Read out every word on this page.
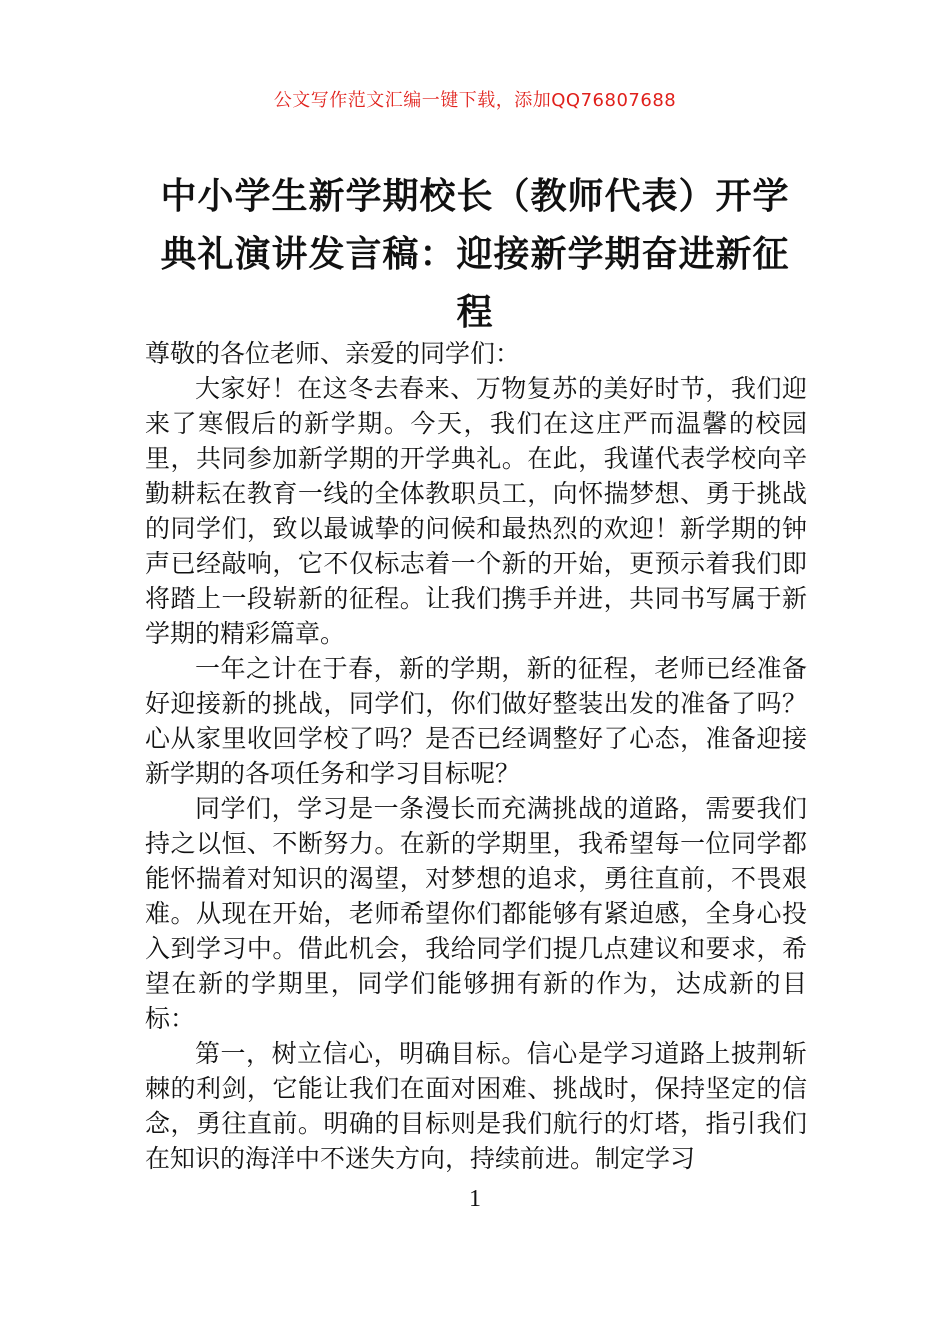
公文写作范文汇编一键下载，添加QQ76807688
中小学生新学期校长（教师代表）开学典礼演讲发言稿：迎接新学期奋进新征程

尊敬的各位老师、亲爱的同学们：

大家好！在这冬去春来、万物复苏的美好时节，我们迎来了寒假后的新学期。今天，我们在这庄严而温馨的校园里，共同参加新学期的开学典礼。在此，我谨代表学校向辛勤耕耘在教育一线的全体教职员工，向怀揣梦想、勇于挑战的同学们，致以最诚挚的问候和最热烈的欢迎！新学期的钟声已经敲响，它不仅标志着一个新的开始，更预示着我们即将踏上一段崭新的征程。让我们携手并进，共同书写属于新学期的精彩篇章。

一年之计在于春，新的学期，新的征程，老师已经准备好迎接新的挑战，同学们，你们做好整装出发的准备了吗？心从家里收回学校了吗？是否已经调整好了心态，准备迎接新学期的各项任务和学习目标呢？

同学们，学习是一条漫长而充满挑战的道路，需要我们持之以恒、不断努力。在新的学期里，我希望每一位同学都能怀揣着对知识的渴望，对梦想的追求，勇往直前，不畏艰难。从现在开始，老师希望你们都能够有紧迫感，全身心投入到学习中。借此机会，我给同学们提几点建议和要求，希望在新的学期里，同学们能够拥有新的作为，达成新的目标：

第一，树立信心，明确目标。信心是学习道路上披荆斩棘的利剑，它能让我们在面对困难、挑战时，保持坚定的信念，勇往直前。明确的目标则是我们航行的灯塔，指引我们在知识的海洋中不迷失方向，持续前进。制定学习

1
